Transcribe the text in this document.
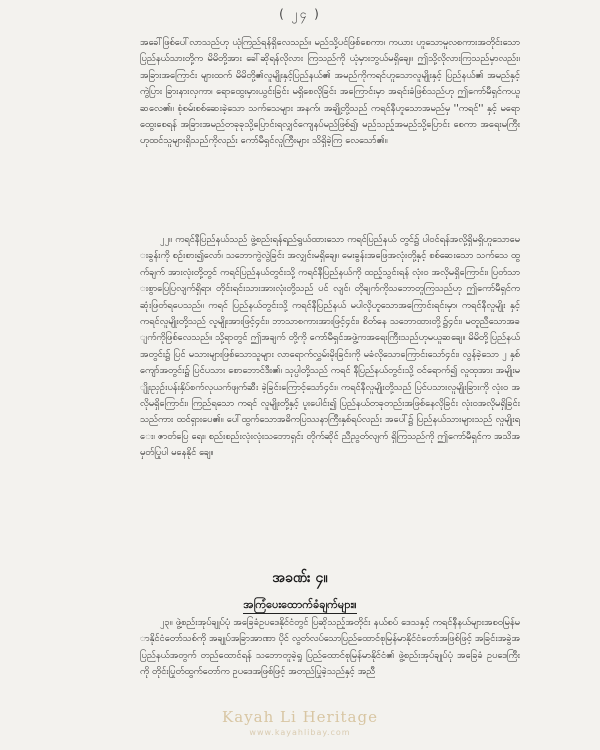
( ၂၄ )
အခေါ်ဖြစ်ပေါ်လာသည်ဟု ယုံကြည်ရန်ရှိလေသည်။ မည်သို့ပင်ဖြစ်စေကာ၊ ကယား ဟူသောမူလစကားအတိုင်းသော ပြည်နယ်သားတို့က မိမိတို့အား ခေါ်ဆိုရန်လိုလား ကြသည်ကို ယုံမှားဘွယ်မရှိချေ။ ဤသို့လိုလားကြသည်မှာလည်း၊ အခြားအကြောင်း များထက် မိမိတို့၏လူမျိုးနှင့်ပြည်နယ်၏ အမည်ကိုကရင်ဟူသောလူမျိုးနှင့် ပြည်နယ်၏ အမည်နှင့် ကွဲပြား ခြားနားလှကာ၊ ရောထွေးမှားယွင်းခြင်း မရှိစေလိုခြင်း အကြောင်းမှာ အရင်းခံဖြစ်သည်ဟု ဤကော်မီရှင်ကယူဆလေ၏။ စုံစမ်းစစ်ဆေးခဲ့သော သက်သေများ အနက်၊ အချို့တို့သည် ကရင်နီဟူသောအမည်မှ ''ကရင်'' နှင့် မရောထွေးစေရန် အခြားအမည်တခုခုသို့ပြောင်းရလျှင်ကျေနပ်မည်ဖြစ်၍၊ မည်သည့်အမည်သို့ပြောင်း စေကာ အရေးမကြီးဟုထင်သူများရှိသည်ကိုလည်း ကော်မီရှင်လူကြီးများ သိရှိခဲ့ကြ လေသော်၏။
၂၂။ ကရင်နီပြည်နယ်သည် ဖွဲ့စည်းရန်ရည်ရွယ်ထားသော ကရင်ပြည်နယ် တွင်၌ ပါဝင်ရန်အလို့ရှိမရှိဟူသောမေးခွန်းကို စဉ်းစား၍လော်၊ သဘောကွဲလွဲခြင်း အလျှင်းမရှိချေ။ မေးခွန်းအဖြေအလုံးတို့နှင့် စစ်ဆေးသော သက်သေ ထွက်ချက် အားလုံးတို့တွင် ကရင်ပြည်နယ်တွင်းသို့ ကရင်နီပြည်နယ်ကို ထည့်သွင်းရန် လုံးဝ အလိုမရှိကြောင်း၊ ပြတ်သားစွာပြေပြလျက်ရှိရာ၊ တိုင်းရင်းသားအားလုံးတို့သည် ပင် လျင်၊ တိုချက်ကိုသဘောတူကြသည်ဟု ဤကော်မီရှင်ကဆုံးဖြတ်ရပေသည်။ ကရင် ပြည်နယ်တွင်းသို့ ကရင်နီပြည်နယ် မပါလိုဟူသောအကြောင်းရင်းမှာ၊ ကရင်နီလူမျိုး နှင့် ကရင်လူမျိုးတို့သည် လူမျိုးအားဖြင့်၄င်း၊ ဘာသာစကားအားဖြင့်၄င်း၊ စိတ်နေ သဘောထားတို့၌၄င်း၊ မတူညီသောအချက်ကိုဖြစ်လေသည်။ သို့ရာတွင် ဤအချက် တို့ကို ကော်မီရှင်အဖွဲ့ကအရေးကြီးသည်ဟုမယူဆချေ။ မိမိတို့ပြည်နယ်အတွင်း၌ ပြင် မသားများဖြစ်သောသူများ လာရောက်လွှမ်းမိုးခြင်းကို မခံလိုသောကြောင်းသော်၄င်း၊ လွန်ခဲ့သော ၂ နှစ်ကျော်အတွင်း၌ ပြင်ပသား စောဘောင်ဒီး၏၊ သုပ္ပါတို့သည် ကရင် နီပြည်နယ်တွင်းသို့ ဝင်ရောက်၍ လူထုအား အမျိုးမျိုးညှဉ်းပန်းနှိပ်စက်လုယက်ဖျက်ဆီး ခဲ့ခြင်းကြောင့်သော်၄င်း၊ ကရင်နီလူမျိုးတို့သည် ပြင်ပသားလူမျိုးခြားကို လုံးဝ အလိုမရှိကြောင်း၊ ကြည်ရသော ကရင် လူမျိုးတို့နှင့် ပူးပေါင်း၍ ပြည်နယ်တခုတည်းအဖြစ်နေလိုခြင်း လုံးဝအလိုမရှိခြင်း သည်ကား ထင်ရှားပေ၏။ ပေါ်ထွက်သောအဓိကပြဿနာကြီးနှစ်ရပ်လည်း အပေါ်၌ ပြည်နယ်သားများသည် လူမျိုးရေး၊ ဇာတ်ပြေ ရေး၊ စည်းစည်းလုံးလုံးသဘောရှင်း တိုက်ဆိုင် ညီညွတ်လျက် ရှိကြသည်ကို ဤကော်မီရှင်က အသိအမှတ်ပြုပါ မနေနိုင် ချေ။
အခဏ်း ၄။
အကြံပေးထောက်ခံချက်များ။
၂၃။ ဖွဲ့စည်းအုပ်ချုပ်ပုံ အခြေခံဥပဒေနိုင်ငံတွင် ပြဆိုသည့်အတိုင်း နယ်စပ် ဒေသနှင့် ကရင်နီနယ်များအစဝမြန်မာနိုင်ငံတော်သစ်ကို အချုပ်အခြာအာဏာ ပိုင် လွတ်လပ်သောပြည်ထောင်စုမြန်မာနိုင်ငံတော်အဖြစ်ဖြင့် အခြင်းအခွဲအပြည်နယ်အတွက် တည်ထောင်ရန် သဘောတူခဲ့ရှု ပြည်ထောင်စုမြန်မာနိုင်ငံ၏ ဖွဲ့စည်းအုပ်ချုပ်ပုံ အခြေခံ ဥပဒေကြီးကို တိုင်းပြုတ်ထွက်တော်က ဥပဒေအဖြစ်ဖြင့် အတည်ပြုခဲ့သည်နှင့် အညီ
Kayah Li Heritage
www.kayahlibay.com
